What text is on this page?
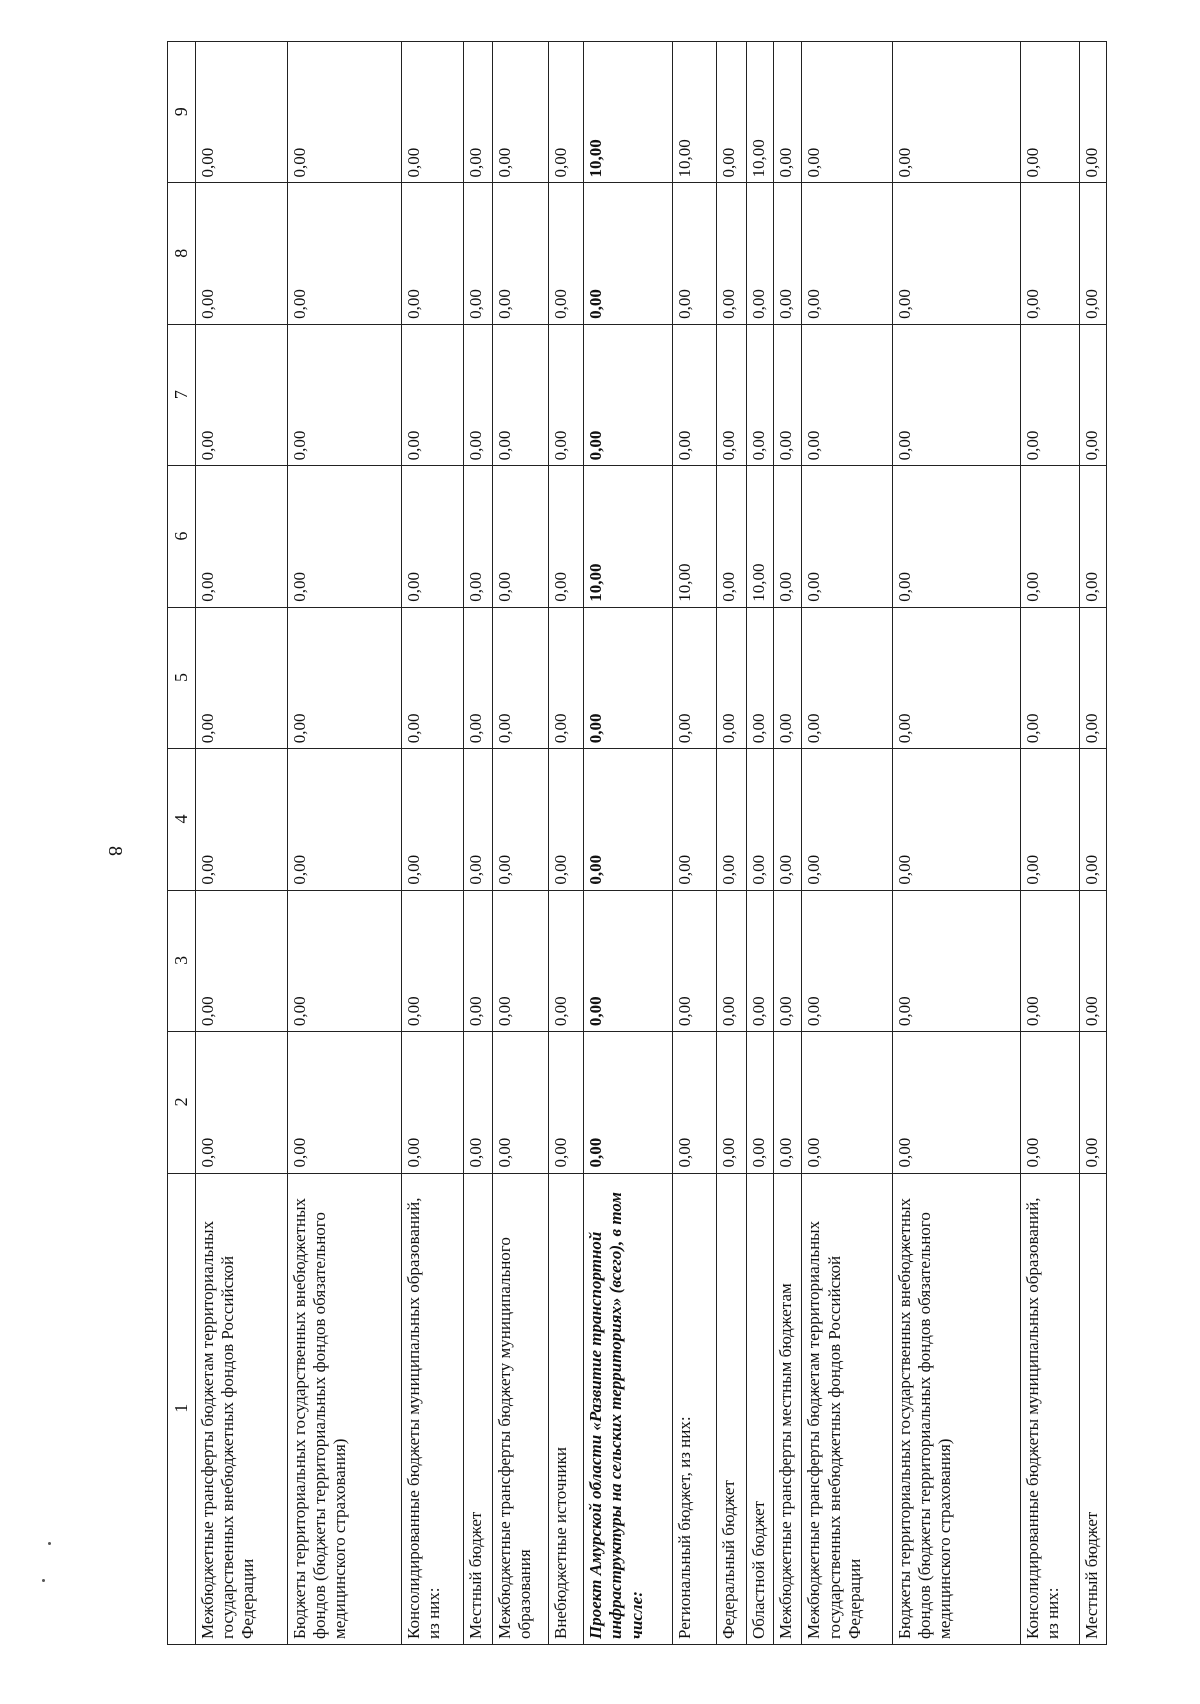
8
1	2	3	4	5	6	7	8	9
Межбюджетные трансферты бюджетам территориальных государственных внебюджетных фондов Российской Федерации	0,00	0,00	0,00	0,00	0,00	0,00	0,00	0,00
Бюджеты территориальных государственных внебюджетных фондов (бюджеты территориальных фондов обязательного медицинского страхования)	0,00	0,00	0,00	0,00	0,00	0,00	0,00	0,00
Консолидированные бюджеты муниципальных образований, из них:	0,00	0,00	0,00	0,00	0,00	0,00	0,00	0,00
Местный бюджет	0,00	0,00	0,00	0,00	0,00	0,00	0,00	0,00
Межбюджетные трансферты бюджету муниципального образования	0,00	0,00	0,00	0,00	0,00	0,00	0,00	0,00
Внебюджетные источники	0,00	0,00	0,00	0,00	0,00	0,00	0,00	0,00
Проект Амурской области «Развитие транспортной инфраструктуры на сельских территориях» (всего), в том числе:	0,00	0,00	0,00	0,00	10,00	0,00	0,00	10,00
Региональный бюджет, из них:	0,00	0,00	0,00	0,00	10,00	0,00	0,00	10,00
Федеральный бюджет	0,00	0,00	0,00	0,00	0,00	0,00	0,00	0,00
Областной бюджет	0,00	0,00	0,00	0,00	10,00	0,00	0,00	10,00
Межбюджетные трансферты местным бюджетам	0,00	0,00	0,00	0,00	0,00	0,00	0,00	0,00
Межбюджетные трансферты бюджетам территориальных государственных внебюджетных фондов Российской Федерации	0,00	0,00	0,00	0,00	0,00	0,00	0,00	0,00
Бюджеты территориальных государственных внебюджетных фондов (бюджеты территориальных фондов обязательного медицинского страхования)	0,00	0,00	0,00	0,00	0,00	0,00	0,00	0,00
Консолидированные бюджеты муниципальных образований, из них:	0,00	0,00	0,00	0,00	0,00	0,00	0,00	0,00
Местный бюджет	0,00	0,00	0,00	0,00	0,00	0,00	0,00	0,00
